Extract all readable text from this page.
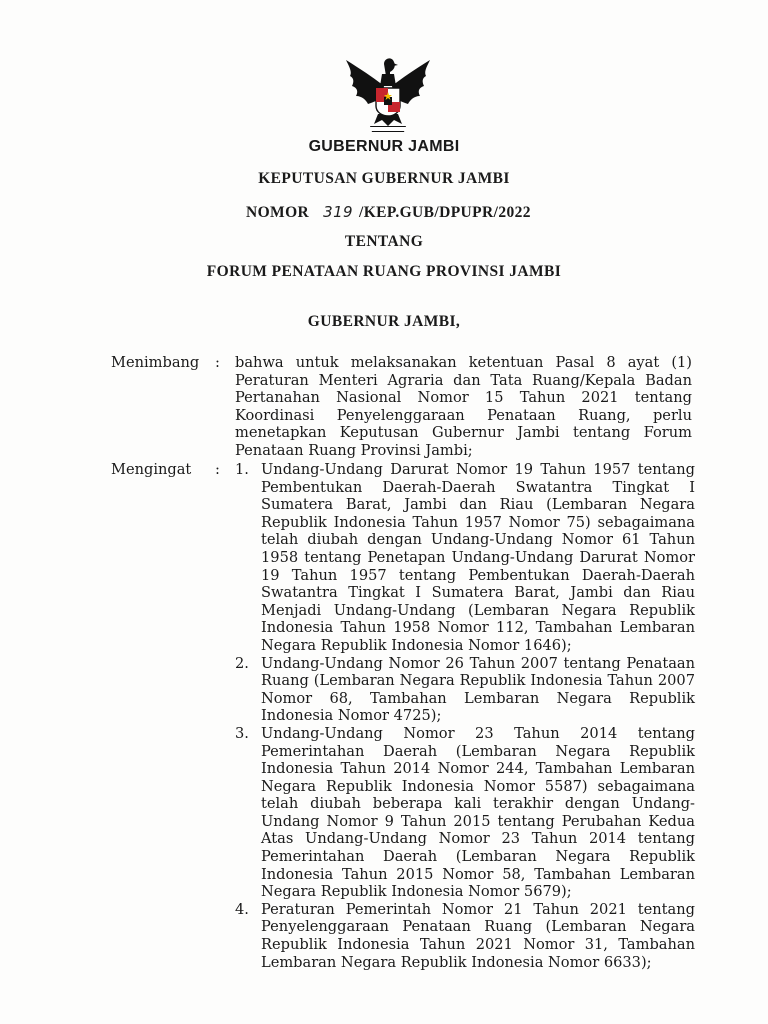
GUBERNUR JAMBI
KEPUTUSAN GUBERNUR JAMBI
NOMOR 319 /KEP.GUB/DPUPR/2022
TENTANG
FORUM PENATAAN RUANG PROVINSI JAMBI
GUBERNUR JAMBI,
Menimbang : bahwa untuk melaksanakan ketentuan Pasal 8 ayat (1) Peraturan Menteri Agraria dan Tata Ruang/Kepala Badan Pertanahan Nasional Nomor 15 Tahun 2021 tentang Koordinasi Penyelenggaraan Penataan Ruang, perlu menetapkan Keputusan Gubernur Jambi tentang Forum Penataan Ruang Provinsi Jambi;
Mengingat : 1. Undang-Undang Darurat Nomor 19 Tahun 1957 tentang Pembentukan Daerah-Daerah Swatantra Tingkat I Sumatera Barat, Jambi dan Riau (Lembaran Negara Republik Indonesia Tahun 1957 Nomor 75) sebagaimana telah diubah dengan Undang-Undang Nomor 61 Tahun 1958 tentang Penetapan Undang-Undang Darurat Nomor 19 Tahun 1957 tentang Pembentukan Daerah-Daerah Swatantra Tingkat I Sumatera Barat, Jambi dan Riau Menjadi Undang-Undang (Lembaran Negara Republik Indonesia Tahun 1958 Nomor 112, Tambahan Lembaran Negara Republik Indonesia Nomor 1646);
2. Undang-Undang Nomor 26 Tahun 2007 tentang Penataan Ruang (Lembaran Negara Republik Indonesia Tahun 2007 Nomor 68, Tambahan Lembaran Negara Republik Indonesia Nomor 4725);
3. Undang-Undang Nomor 23 Tahun 2014 tentang Pemerintahan Daerah (Lembaran Negara Republik Indonesia Tahun 2014 Nomor 244, Tambahan Lembaran Negara Republik Indonesia Nomor 5587) sebagaimana telah diubah beberapa kali terakhir dengan Undang-Undang Nomor 9 Tahun 2015 tentang Perubahan Kedua Atas Undang-Undang Nomor 23 Tahun 2014 tentang Pemerintahan Daerah (Lembaran Negara Republik Indonesia Tahun 2015 Nomor 58, Tambahan Lembaran Negara Republik Indonesia Nomor 5679);
4. Peraturan Pemerintah Nomor 21 Tahun 2021 tentang Penyelenggaraan Penataan Ruang (Lembaran Negara Republik Indonesia Tahun 2021 Nomor 31, Tambahan Lembaran Negara Republik Indonesia Nomor 6633);
